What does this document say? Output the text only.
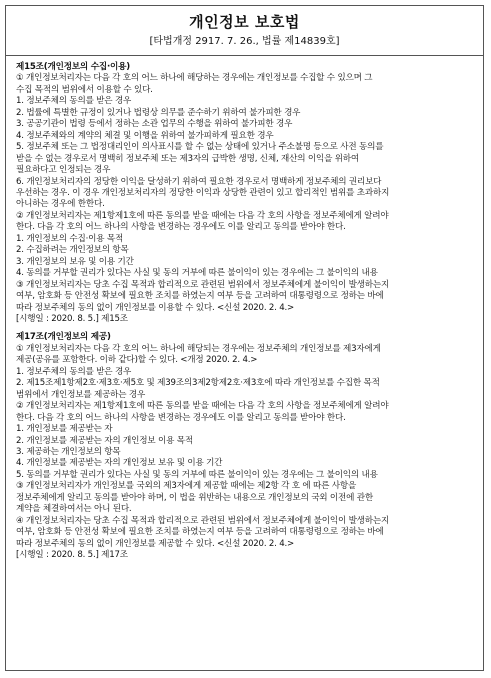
개인정보 보호법
[타법개정 2917. 7. 26., 법률 제14839호]

제15조(개인정보의 수집·이용)

① 개인정보처리자는 다음 각 호의 어느 하나에 해당하는 경우에는 개인정보를 수집할 수 있으며 그

수집 목적의 범위에서 이용할 수 있다.

1. 정보주체의 동의를 받은 경우

2. 법률에 특별한 규정이 있거나 법령상 의무를 준수하기 위하여 불가피한 경우

3. 공공기관이 법령 등에서 정하는 소관 업무의 수행을 위하여 불가피한 경우

4. 정보주체와의 계약의 체결 및 이행을 위하여 불가피하게 필요한 경우

5. 정보주체 또는 그 법정대리인이 의사표시를 할 수 없는 상태에 있거나 주소불명 등으로 사전 동의를

받을 수 없는 경우로서 명백히 정보주체 또는 제3자의 급박한 생명, 신체, 재산의 이익을 위하여

필요하다고 인정되는 경우

6. 개인정보처리자의 정당한 이익을 달성하기 위하여 필요한 경우로서 명백하게 정보주체의 권리보다

우선하는 경우. 이 경우 개인정보처리자의 정당한 이익과 상당한 관련이 있고 합리적인 범위를 초과하지

아니하는 경우에 한한다.

② 개인정보처리자는 제1항제1호에 따른 동의를 받을 때에는 다음 각 호의 사항을 정보주체에게 알려야

한다. 다음 각 호의 어느 하나의 사항을 변경하는 경우에도 이를 알리고 동의를 받아야 한다.

1. 개인정보의 수집·이용 목적

2. 수집하려는 개인정보의 항목

3. 개인정보의 보유 및 이용 기간

4. 동의를 거부할 권리가 있다는 사실 및 동의 거부에 따른 불이익이 있는 경우에는 그 불이익의 내용

③ 개인정보처리자는 당초 수집 목적과 합리적으로 관련된 범위에서 정보주체에게 불이익이 발생하는지

여부, 암호화 등 안전성 확보에 필요한 조치를 하였는지 여부 등을 고려하여 대통령령으로 정하는 바에

따라 정보주체의 동의 없이 개인정보를 이용할 수 있다. <신설 2020. 2. 4.>

[시행일 : 2020. 8. 5.] 제15조

제17조(개인정보의 제공)

① 개인정보처리자는 다음 각 호의 어느 하나에 해당되는 경우에는 정보주체의 개인정보를 제3자에게

제공(공유를 포함한다. 이하 같다)할 수 있다. <개정 2020. 2. 4.>

1. 정보주체의 동의를 받은 경우

2. 제15조제1항제2호·제3호·제5호 및 제39조의3제2항제2호·제3호에 따라 개인정보를 수집한 목적

범위에서 개인정보를 제공하는 경우

② 개인정보처리자는 제1항제1호에 따른 동의를 받을 때에는 다음 각 호의 사항을 정보주체에게 알려야

한다. 다음 각 호의 어느 하나의 사항을 변경하는 경우에도 이를 알리고 동의를 받아야 한다.

1. 개인정보를 제공받는 자

2. 개인정보를 제공받는 자의 개인정보 이용 목적

3. 제공하는 개인정보의 항목

4. 개인정보를 제공받는 자의 개인정보 보유 및 이용 기간

5. 동의를 거부할 권리가 있다는 사실 및 동의 거부에 따른 불이익이 있는 경우에는 그 불이익의 내용

③ 개인정보처리자가 개인정보를 국외의 제3자에게 제공할 때에는 제2항 각 호 에 따른 사항을

정보주체에게 알리고 동의를 받아야 하며, 이 법을 위반하는 내용으로 개인정보의 국외 이전에 관한

계약을 체결하여서는 아니 된다.

④ 개인정보처리자는 당초 수집 목적과 합리적으로 관련된 범위에서 정보주체에게 불이익이 발생하는지

여부, 암호화 등 안전성 확보에 필요한 조치를 하였는지 여부 등을 고려하여 대통령령으로 정하는 바에

따라 정보주체의 동의 없이 개인정보를 제공할 수 있다. <신설 2020. 2. 4.>

[시행일 : 2020. 8. 5.] 제17조
